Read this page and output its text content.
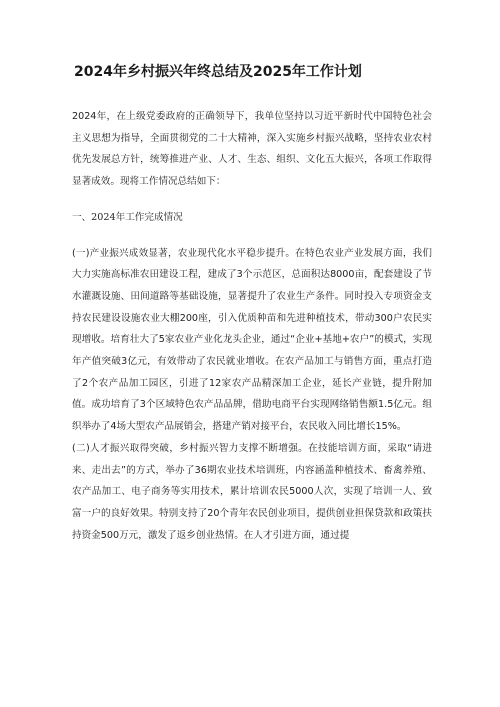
2024年乡村振兴年终总结及2025年工作计划

2024年，在上级党委政府的正确领导下，我单位坚持以习近平新时代中国特色社会主义思想为指导，全面贯彻党的二十大精神，深入实施乡村振兴战略，坚持农业农村优先发展总方针，统筹推进产业、人才、生态、组织、文化五大振兴，各项工作取得显著成效。现将工作情况总结如下：

一、2024年工作完成情况

(一)产业振兴成效显著，农业现代化水平稳步提升。在特色农业产业发展方面，我们大力实施高标准农田建设工程，建成了3个示范区，总面积达8000亩，配套建设了节水灌溉设施、田间道路等基础设施，显著提升了农业生产条件。同时投入专项资金支持农民建设设施农业大棚200座，引入优质种苗和先进种植技术，带动300户农民实现增收。培育壮大了5家农业产业化龙头企业，通过“企业+基地+农户”的模式，实现年产值突破3亿元，有效带动了农民就业增收。在农产品加工与销售方面，重点打造了2个农产品加工园区，引进了12家农产品精深加工企业，延长产业链，提升附加值。成功培育了3个区域特色农产品品牌，借助电商平台实现网络销售额1.5亿元。组织举办了4场大型农产品展销会，搭建产销对接平台，农民收入同比增长15%。

(二)人才振兴取得突破，乡村振兴智力支撑不断增强。在技能培训方面，采取“请进来、走出去”的方式，举办了36期农业技术培训班，内容涵盖种植技术、畜禽养殖、农产品加工、电子商务等实用技术，累计培训农民5000人次，实现了培训一人、致富一户的良好效果。特别支持了20个青年农民创业项目，提供创业担保贷款和政策扶持资金500万元，激发了返乡创业热情。在人才引进方面，通过提
